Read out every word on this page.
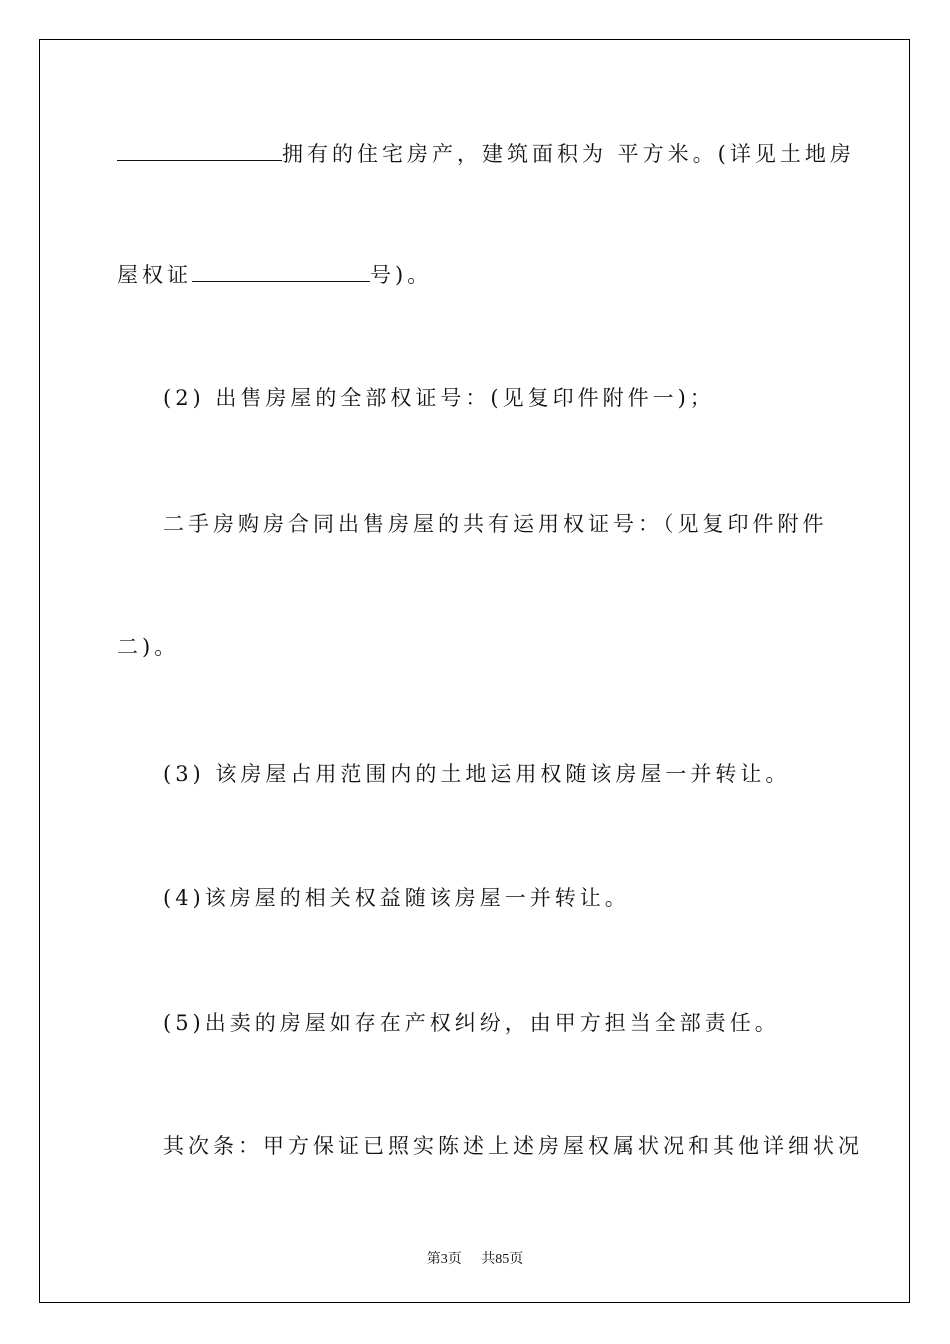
拥有的住宅房产，建筑面积为 平方米。(详见土地房
屋权证	号)。
(2) 出售房屋的全部权证号：(见复印件附件一)；
二手房购房合同出售房屋的共有运用权证号：（见复印件附件
二)。
(3) 该房屋占用范围内的土地运用权随该房屋一并转让。
(4)该房屋的相关权益随该房屋一并转让。
(5)出卖的房屋如存在产权纠纷，由甲方担当全部责任。
其次条：甲方保证已照实陈述上述房屋权属状况和其他详细状况
第3页 共85页
